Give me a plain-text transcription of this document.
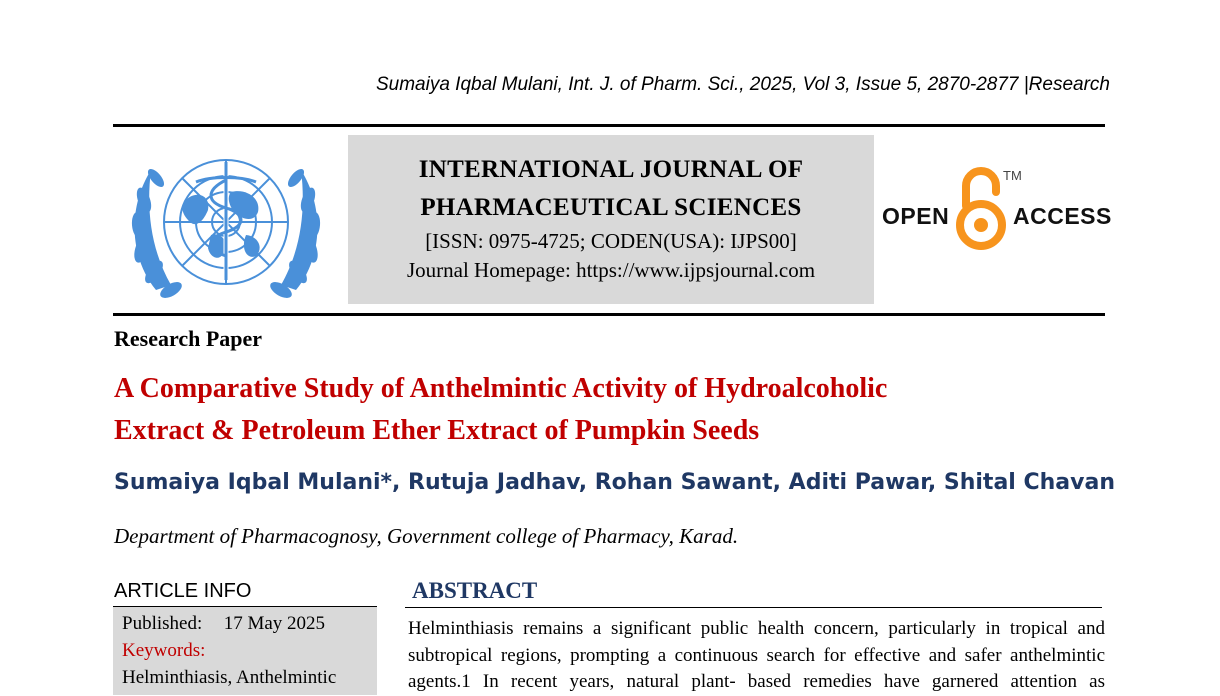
Sumaiya Iqbal Mulani, Int. J. of Pharm. Sci., 2025, Vol 3, Issue 5, 2870-2877 |Research
INTERNATIONAL JOURNAL OF
PHARMACEUTICAL SCIENCES
[ISSN: 0975-4725; CODEN(USA): IJPS00]
Journal Homepage: https://www.ijpsjournal.com
OPEN
TM
ACCESS
Research Paper
A Comparative Study of Anthelmintic Activity of Hydroalcoholic
Extract & Petroleum Ether Extract of Pumpkin Seeds
Sumaiya Iqbal Mulani*, Rutuja Jadhav, Rohan Sawant, Aditi Pawar, Shital Chavan
Department of Pharmacognosy, Government college of Pharmacy, Karad.
ARTICLE INFO
Published: 17 May 2025
Keywords:
Helminthiasis, Anthelmintic
ABSTRACT
Helminthiasis remains a significant public health concern, particularly in tropical and
subtropical regions, prompting a continuous search for effective and safer anthelmintic
agents.1 In recent years, natural plant- based remedies have garnered attention as
